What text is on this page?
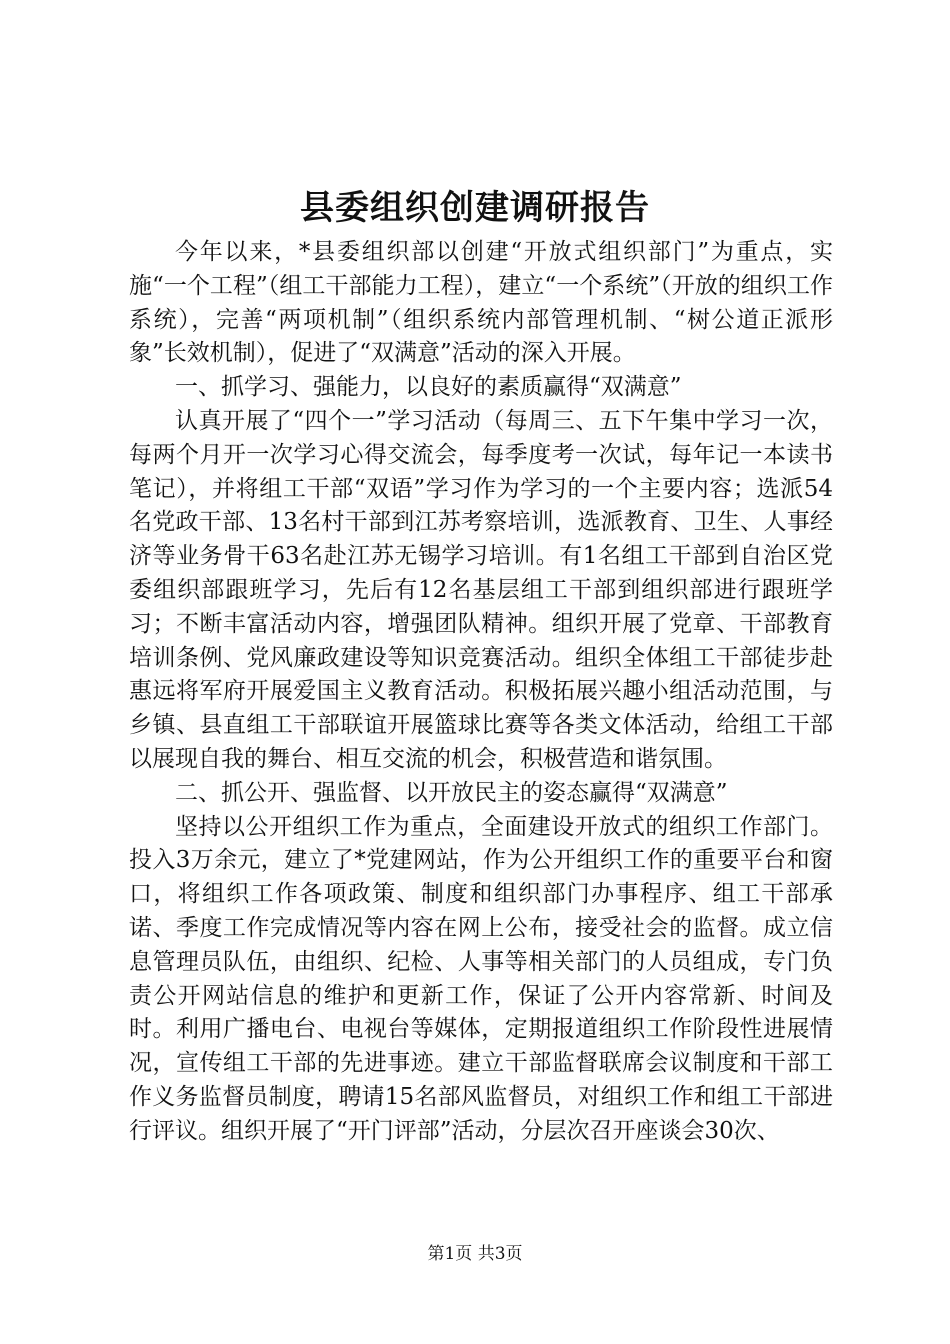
县委组织创建调研报告

今年以来，*县委组织部以创建“开放式组织部门”为重点，实施“一个工程”（组工干部能力工程），建立“一个系统”（开放的组织工作系统），完善“两项机制”（组织系统内部管理机制、“树公道正派形象”长效机制），促进了“双满意”活动的深入开展。

一、抓学习、强能力，以良好的素质赢得“双满意”

认真开展了“四个一”学习活动（每周三、五下午集中学习一次，每两个月开一次学习心得交流会，每季度考一次试，每年记一本读书笔记），并将组工干部“双语”学习作为学习的一个主要内容；选派54名党政干部、13名村干部到江苏考察培训，选派教育、卫生、人事经济等业务骨干63名赴江苏无锡学习培训。有1名组工干部到自治区党委组织部跟班学习，先后有12名基层组工干部到组织部进行跟班学习；不断丰富活动内容，增强团队精神。组织开展了党章、干部教育培训条例、党风廉政建设等知识竞赛活动。组织全体组工干部徒步赴惠远将军府开展爱国主义教育活动。积极拓展兴趣小组活动范围，与乡镇、县直组工干部联谊开展篮球比赛等各类文体活动，给组工干部以展现自我的舞台、相互交流的机会，积极营造和谐氛围。

二、抓公开、强监督、以开放民主的姿态赢得“双满意”

坚持以公开组织工作为重点，全面建设开放式的组织工作部门。投入3万余元，建立了*党建网站，作为公开组织工作的重要平台和窗口，将组织工作各项政策、制度和组织部门办事程序、组工干部承诺、季度工作完成情况等内容在网上公布，接受社会的监督。成立信息管理员队伍，由组织、纪检、人事等相关部门的人员组成，专门负责公开网站信息的维护和更新工作，保证了公开内容常新、时间及时。利用广播电台、电视台等媒体，定期报道组织工作阶段性进展情况，宣传组工干部的先进事迹。建立干部监督联席会议制度和干部工作义务监督员制度，聘请15名部风监督员，对组织工作和组工干部进行评议。组织开展了“开门评部”活动，分层次召开座谈会30次、

第1页 共3页
